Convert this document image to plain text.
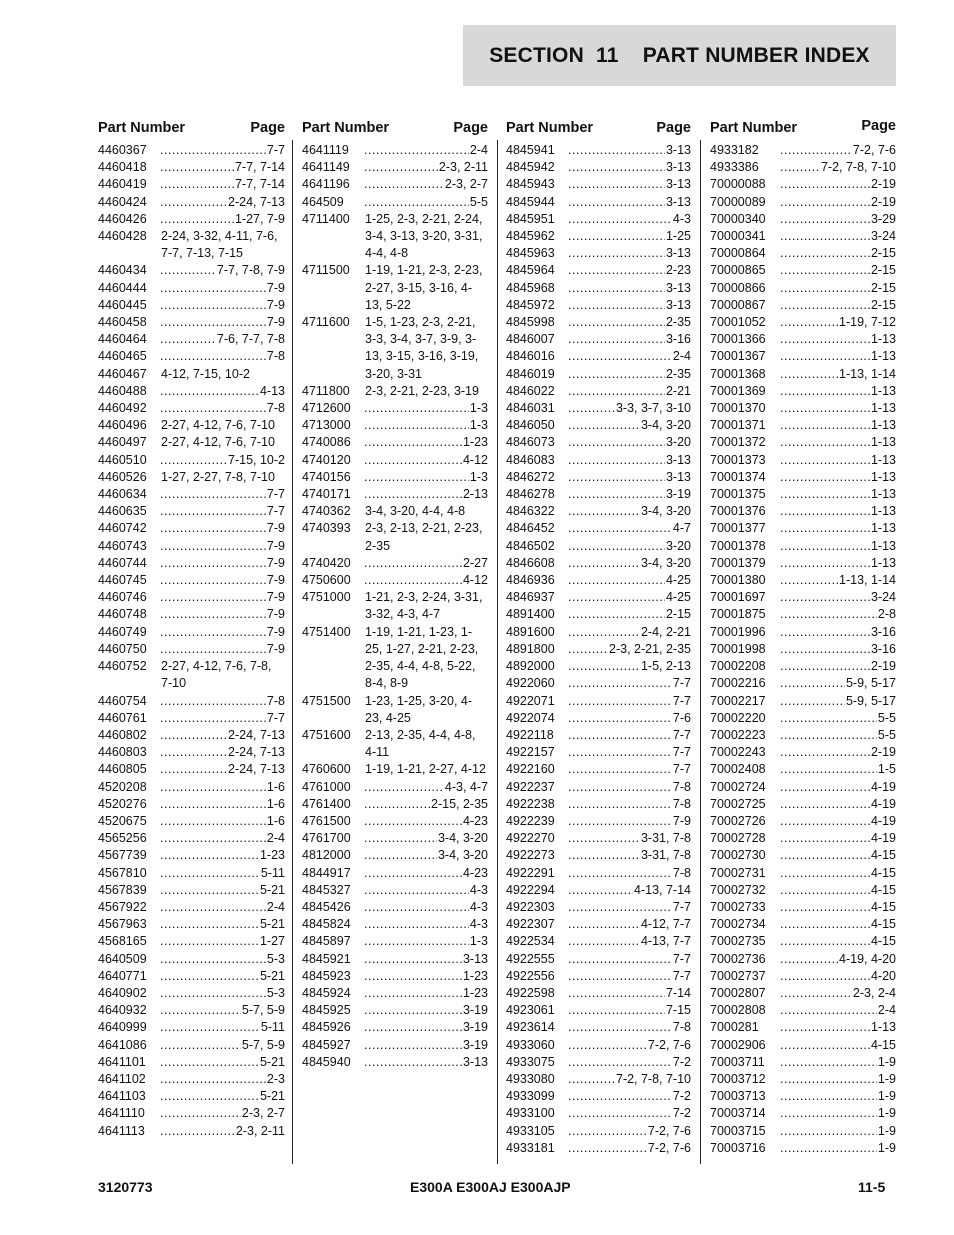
SECTION  11    PART NUMBER INDEX
Part Number	Page
4460367 .....	7-7
4460418 .....	7-7, 7-14
4460419 .....	7-7, 7-14
4460424 .....	2-24, 7-13
4460426 .....	1-27, 7-9
4460428	2-24, 3-32, 4-11, 7-6, 7-7, 7-13, 7-15
4460434 .....	7-7, 7-8, 7-9
4460444 .....	7-9
4460445 .....	7-9
4460458 .....	7-9
4460464 .....	7-6, 7-7, 7-8
4460465 .....	7-8
4460467	4-12, 7-15, 10-2
4460488 .....	4-13
4460492 .....	7-8
4460496	2-27, 4-12, 7-6, 7-10
4460497	2-27, 4-12, 7-6, 7-10
4460510 .....	7-15, 10-2
4460526	1-27, 2-27, 7-8, 7-10
4460634 .....	7-7
4460635 .....	7-7
4460742 .....	7-9
4460743 .....	7-9
4460744 .....	7-9
4460745 .....	7-9
4460746 .....	7-9
4460748 .....	7-9
4460749 .....	7-9
4460750 .....	7-9
4460752	2-27, 4-12, 7-6, 7-8, 7-10
4460754 .....	7-8
4460761 .....	7-7
4460802 .....	2-24, 7-13
4460803 .....	2-24, 7-13
4460805 .....	2-24, 7-13
4520208 .....	1-6
4520276 .....	1-6
4520675 .....	1-6
4565256 .....	2-4
4567739 .....	1-23
4567810 .....	5-11
4567839 .....	5-21
4567922 .....	2-4
4567963 .....	5-21
4568165 .....	1-27
4640509 .....	5-3
4640771 .....	5-21
4640902 .....	5-3
4640932 .....	5-7, 5-9
4640999 .....	5-11
4641086 .....	5-7, 5-9
4641101 .....	5-21
4641102 .....	2-3
4641103 .....	5-21
4641110 .....	2-3, 2-7
4641113 .....	2-3, 2-11
Part Number	Page
4641119 .....	2-4
4641149 .....	2-3, 2-11
4641196 .....	2-3, 2-7
464509 .....	5-5
4711400	1-25, 2-3, 2-21, 2-24, 3-4, 3-13, 3-20, 3-31, 4-4, 4-8
4711500	1-19, 1-21, 2-3, 2-23, 2-27, 3-15, 3-16, 4-13, 5-22
4711600	1-5, 1-23, 2-3, 2-21, 3-3, 3-4, 3-7, 3-9, 3-13, 3-15, 3-16, 3-19, 3-20, 3-31
4711800	2-3, 2-21, 2-23, 3-19
4712600 .....	1-3
4713000 .....	1-3
4740086 .....	1-23
4740120 .....	4-12
4740156 .....	1-3
4740171 .....	2-13
4740362	3-4, 3-20, 4-4, 4-8
4740393	2-3, 2-13, 2-21, 2-23, 2-35
4740420 .....	2-27
4750600 .....	4-12
4751000	1-21, 2-3, 2-24, 3-31, 3-32, 4-3, 4-7
4751400	1-19, 1-21, 1-23, 1-25, 1-27, 2-21, 2-23, 2-35, 4-4, 4-8, 5-22, 8-4, 8-9
4751500	1-23, 1-25, 3-20, 4-23, 4-25
4751600	2-13, 2-35, 4-4, 4-8, 4-11
4760600	1-19, 1-21, 2-27, 4-12
4761000 .....	4-3, 4-7
4761400 .....	2-15, 2-35
4761500 .....	4-23
4761700 .....	3-4, 3-20
4812000 .....	3-4, 3-20
4844917 .....	4-23
4845327 .....	4-3
4845426 .....	4-3
4845824 .....	4-3
4845897 .....	1-3
4845921 .....	3-13
4845923 .....	1-23
4845924 .....	1-23
4845925 .....	3-19
4845926 .....	3-19
4845927 .....	3-19
4845940 .....	3-13
Part Number	Page
4845941 .....	3-13
4845942 .....	3-13
4845943 .....	3-13
4845944 .....	3-13
4845951 .....	4-3
4845962 .....	1-25
4845963 .....	3-13
4845964 .....	2-23
4845968 .....	3-13
4845972 .....	3-13
4845998 .....	2-35
4846007 .....	3-16
4846016 .....	2-4
4846019 .....	2-35
4846022 .....	2-21
4846031 .....	3-3, 3-7, 3-10
4846050 .....	3-4, 3-20
4846073 .....	3-20
4846083 .....	3-13
4846272 .....	3-13
4846278 .....	3-19
4846322 .....	3-4, 3-20
4846452 .....	4-7
4846502 .....	3-20
4846608 .....	3-4, 3-20
4846936 .....	4-25
4846937 .....	4-25
4891400 .....	2-15
4891600 .....	2-4, 2-21
4891800 .....	2-3, 2-21, 2-35
4892000 .....	1-5, 2-13
4922060 .....	7-7
4922071 .....	7-7
4922074 .....	7-6
4922118 .....	7-7
4922157 .....	7-7
4922160 .....	7-7
4922237 .....	7-8
4922238 .....	7-8
4922239 .....	7-9
4922270 .....	3-31, 7-8
4922273 .....	3-31, 7-8
4922291 .....	7-8
4922294 .....	4-13, 7-14
4922303 .....	7-7
4922307 .....	4-12, 7-7
4922534 .....	4-13, 7-7
4922555 .....	7-7
4922556 .....	7-7
4922598 .....	7-14
4923061 .....	7-15
4923614 .....	7-8
4933060 .....	7-2, 7-6
4933075 .....	7-2
4933080 .....	7-2, 7-8, 7-10
4933099 .....	7-2
4933100 .....	7-2
4933105 .....	7-2, 7-6
4933181 .....	7-2, 7-6
Part Number	Page
4933182 .....	7-2, 7-6
4933386 .....	7-2, 7-8, 7-10
70000088 .....	2-19
70000089 .....	2-19
70000340 .....	3-29
70000341 .....	3-24
70000864 .....	2-15
70000865 .....	2-15
70000866 .....	2-15
70000867 .....	2-15
70001052 .....	1-19, 7-12
70001366 .....	1-13
70001367 .....	1-13
70001368 .....	1-13, 1-14
70001369 .....	1-13
70001370 .....	1-13
70001371 .....	1-13
70001372 .....	1-13
70001373 .....	1-13
70001374 .....	1-13
70001375 .....	1-13
70001376 .....	1-13
70001377 .....	1-13
70001378 .....	1-13
70001379 .....	1-13
70001380 .....	1-13, 1-14
70001697 .....	3-24
70001875 .....	2-8
70001996 .....	3-16
70001998 .....	3-16
70002208 .....	2-19
70002216 .....	5-9, 5-17
70002217 .....	5-9, 5-17
70002220 .....	5-5
70002223 .....	5-5
70002243 .....	2-19
70002408 .....	1-5
70002724 .....	4-19
70002725 .....	4-19
70002726 .....	4-19
70002728 .....	4-19
70002730 .....	4-15
70002731 .....	4-15
70002732 .....	4-15
70002733 .....	4-15
70002734 .....	4-15
70002735 .....	4-15
70002736 .....	4-19, 4-20
70002737 .....	4-20
70002807 .....	2-3, 2-4
70002808 .....	2-4
7000281 .....	1-13
70002906 .....	4-15
70003711 .....	1-9
70003712 .....	1-9
70003713 .....	1-9
70003714 .....	1-9
70003715 .....	1-9
70003716 .....	1-9
3120773	E300A E300AJ E300AJP	11-5
